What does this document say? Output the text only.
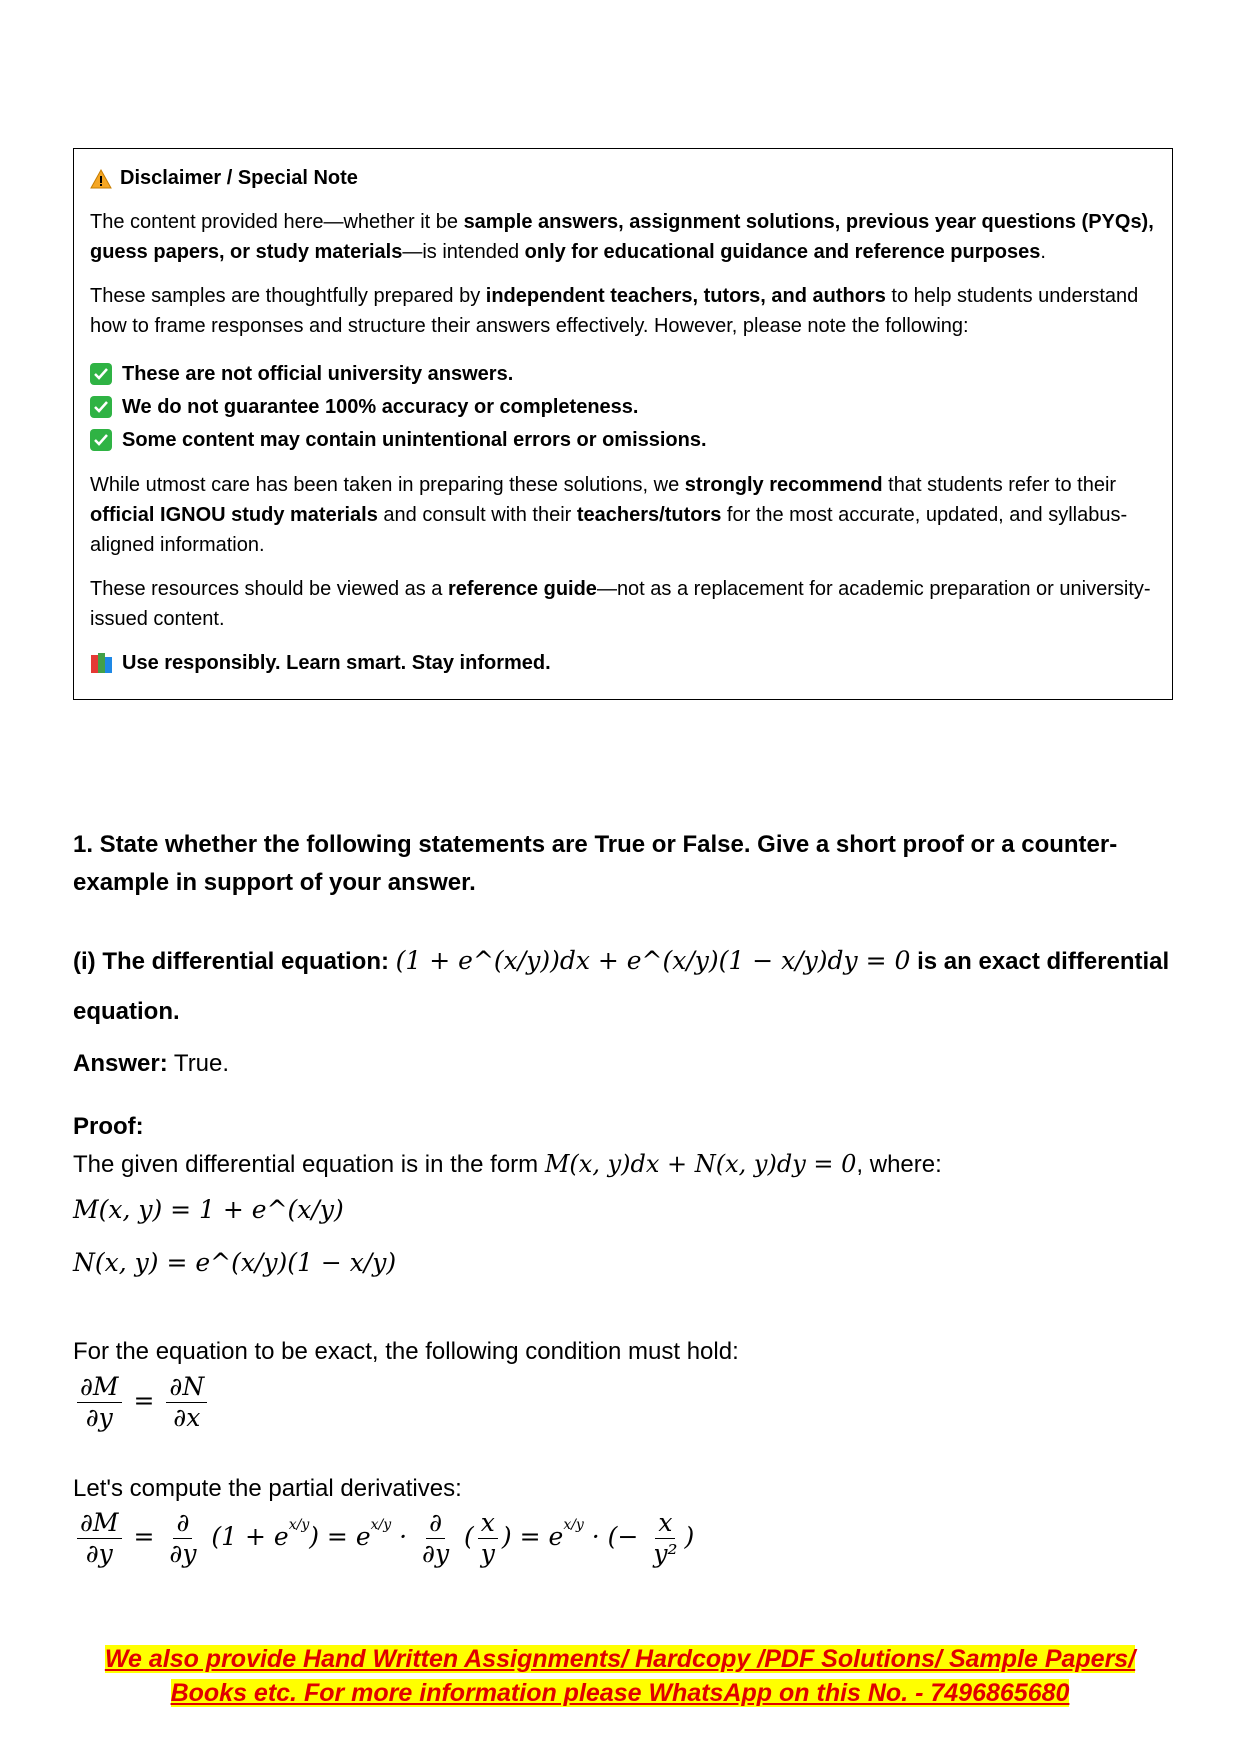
Disclaimer / Special Note

The content provided here—whether it be sample answers, assignment solutions, previous year questions (PYQs), guess papers, or study materials—is intended only for educational guidance and reference purposes.

These samples are thoughtfully prepared by independent teachers, tutors, and authors to help students understand how to frame responses and structure their answers effectively. However, please note the following:

These are not official university answers.
We do not guarantee 100% accuracy or completeness.
Some content may contain unintentional errors or omissions.

While utmost care has been taken in preparing these solutions, we strongly recommend that students refer to their official IGNOU study materials and consult with their teachers/tutors for the most accurate, updated, and syllabus-aligned information.

These resources should be viewed as a reference guide—not as a replacement for academic preparation or university-issued content.

Use responsibly. Learn smart. Stay informed.
1. State whether the following statements are True or False. Give a short proof or a counter-example in support of your answer.
(i) The differential equation: (1 + e^(x/y))dx + e^(x/y)(1 − x/y)dy = 0 is an exact differential equation.
Answer: True.
Proof:
The given differential equation is in the form M(x, y)dx + N(x, y)dy = 0, where:
M(x, y) = 1 + e^(x/y)
N(x, y) = e^(x/y)(1 − x/y)
For the equation to be exact, the following condition must hold:
$\frac{\partial M}{\partial y} = \frac{\partial N}{\partial x}$
Let's compute the partial derivatives:
$\frac{\partial M}{\partial y} = \frac{\partial}{\partial y} (1 + e^{x/y}) = e^{x/y} \cdot \frac{\partial}{\partial y}$ ( $\frac{x}{y}$ ) = $e^{x/y}$ · (− $\frac{x}{\text{y²}}$ )
We also provide Hand Written Assignments/ Hardcopy /PDF Solutions/ Sample Papers/
Books etc. For more information please WhatsApp on this No. - 7496865680
